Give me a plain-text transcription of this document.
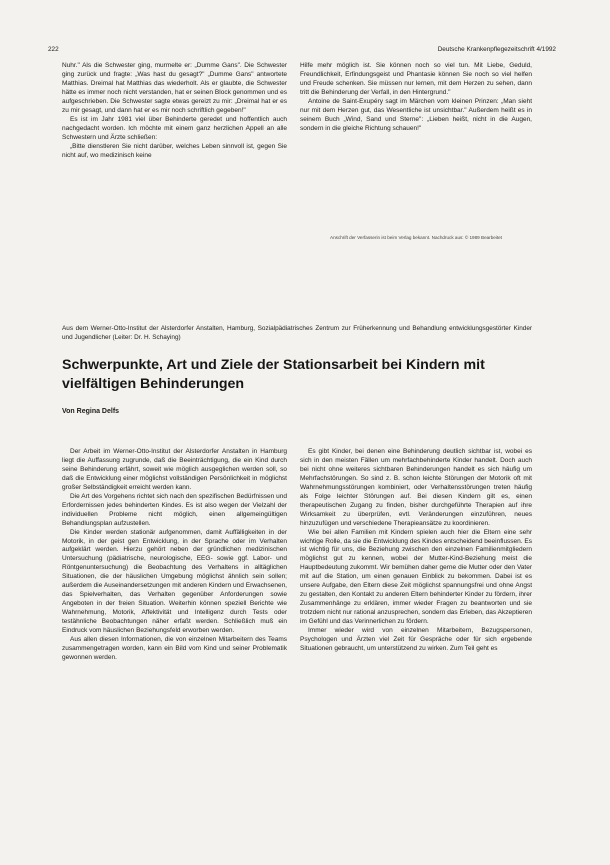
222	Deutsche Krankenpflegezeitschrift 4/1992

Nuhr." Als die Schwester ging, murmelte er: „Dumme Gans". Die Schwester ging zurück und fragte: „Was hast du gesagt?" „Dumme Gans" antwortete Matthias. Dreimal hat Matthias das wiederholt. Als er glaubte, die Schwester hätte es immer noch nicht verstanden, hat er seinen Block genommen und es aufgeschrieben. Die Schwester sagte etwas gereizt zu mir: „Dreimal hat er es zu mir gesagt, und dann hat er es mir noch schriftlich gegeben!"

Es ist im Jahr 1981 viel über Behinderte geredet und hoffentlich auch nachgedacht worden. Ich möchte mit einem ganz herzlichen Appell an alle Schwestern und Ärzte schließen:

„Bitte dienstleren Sie nicht darüber, welches Leben sinnvoll ist, gegen Sie nicht auf, wo medizinisch keine

Hilfe mehr möglich ist. Sie können noch so viel tun. Mit Liebe, Geduld, Freundlichkeit, Erfindungsgeist und Phantasie können Sie noch so viel helfen und Freude schenken. Sie müssen nur lernen, mit dem Herzen zu sehen, dann tritt die Behinderung der Verfall, in den Hintergrund."

Antoine de Saint-Exupéry sagt im Märchen vom kleinen Prinzen: „Man sieht nur mit dem Herzen gut, das Wesentliche ist unsichtbar." Außerdem heißt es in seinem Buch „Wind, Sand und Sterne": „Lieben heißt, nicht in die Augen, sondern in die gleiche Richtung schauen!"

Anschrift der Verfasserin ist beim Verlag bekannt. Nachdruck aus: © 1989 Bearbeitet
Aus dem Werner-Otto-Institut der Alsterdorfer Anstalten, Hamburg, Sozialpädiatrisches Zentrum zur Früherkennung und Behandlung entwicklungsgestörter Kinder und Jugendlicher (Leiter: Dr. H. Schaying)
Schwerpunkte, Art und Ziele der Stationsarbeit bei Kindern mit vielfältigen Behinderungen
Von Regina Delfs

Der Arbeit im Werner-Otto-Institut der Alsterdorfer Anstalten in Hamburg liegt die Auffassung zugrunde, daß die Beeinträchtigung, die ein Kind durch seine Behinderung erfährt, soweit wie möglich ausgeglichen werden soll, so daß die Entwicklung einer möglichst vollständigen Persönlichkeit in möglichst großer Selbständigkeit erreicht werden kann.

Die Art des Vorgehens richtet sich nach den spezifischen Bedürfnissen und Erfordernissen jedes behinderten Kindes. Es ist also wegen der Vielzahl der individuellen Probleme nicht möglich, einen allgemeingültigen Behandlungsplan aufzustellen.

Die Kinder werden stationär aufgenommen, damit Auffälligkeiten in der Motorik, in der geist gen Entwicklung, in der Sprache oder im Verhalten aufgeklärt werden. Hierzu gehört neben der gründlichen medizinischen Untersuchung (pädiatrische, neurologische, EEG- sowie ggf. Labor- und Röntgenuntersuchung) die Beobachtung des Verhaltens in alltäglichen Situationen, die der häuslichen Umgebung möglichst ähnlich sein sollen; außerdem die Auseinandersetzungen mit anderen Kindern und Erwachsenen, das Spielverhalten, das Verhalten gegenüber Anforderungen sowie Angeboten in der freien Situation. Weiterhin können speziell Berichte wie Wahrnehmung, Motorik, Affektivität und Intelligenz durch Tests oder testähnliche Beobachtungen näher erfaßt werden. Schließlich muß ein Eindruck vom häuslichen Beziehungsfeld erworben werden.

Aus allen diesen Informationen, die von einzelnen Mitarbeitern des Teams zusammengetragen worden, kann ein Bild vom Kind und seiner Problematik gewonnen werden.

Es gibt Kinder, bei denen eine Behinderung deutlich sichtbar ist, wobei es sich in den meisten Fällen um mehrfachbehinderte Kinder handelt. Doch auch bei nicht ohne weiteres sichtbaren Behinderungen handelt es sich häufig um Mehrfachstörungen. So sind z. B. schon leichte Störungen der Motorik oft mit Wahrnehmungsstörungen kombiniert, oder Verhaltensstörungen treten häufig als Folge leichter Störungen auf. Bei diesen Kindern gilt es, einen therapeutischen Zugang zu finden, bisher durchgeführte Therapien auf ihre Wirksamkeit zu überprüfen, evtl. Veränderungen einzuführen, neues hinzuzufügen und verschiedene Therapieansätze zu koordinieren.

Wie bei allen Familien mit Kindern spielen auch hier die Eltern eine sehr wichtige Rolle, da sie die Entwicklung des Kindes entscheidend beeinflussen. Es ist wichtig für uns, die Beziehung zwischen den einzelnen Familienmitgliedern möglichst gut zu kennen, wobei der Mutter-Kind-Beziehung meist die Hauptbedeutung zukommt. Wir bemühen daher gerne die Mutter oder den Vater mit auf die Station, um einen genauen Einblick zu bekommen. Dabei ist es unsere Aufgabe, den Eltern diese Zeit möglichst spannungsfrei und ohne Angst zu gestalten, den Kontakt zu anderen Eltern behinderter Kinder zu fördern, ihrer Zusammenhänge zu erklären, immer wieder Fragen zu beantworten und sie trotzdem nicht nur rational anzusprechen, sondern das Erleben, das Akzeptieren im Gefühl und das Verinnerlichen zu fördern.

Immer wieder wird von einzelnen Mitarbeitern, Bezugspersonen, Psychologen und Ärzten viel Zeit für Gespräche oder für sich ergebende Situationen gebraucht, um unterstützend zu wirken. Zum Teil geht es
